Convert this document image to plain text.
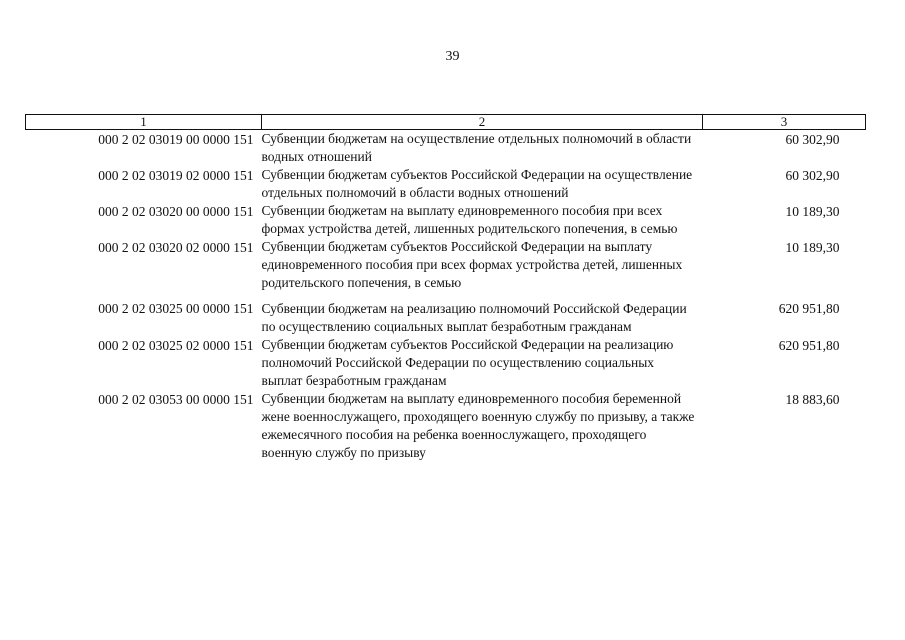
39
1	2	3
000 2 02 03019 00 0000 151	Субвенции бюджетам на осуществление отдельных полномочий в области водных отношений	60 302,90
000 2 02 03019 02 0000 151	Субвенции бюджетам субъектов Российской Федерации на осуществление отдельных полномочий в области водных отношений	60 302,90
000 2 02 03020 00 0000 151	Субвенции бюджетам на выплату единовременного пособия при всех формах устройства детей, лишенных родительского попечения, в семью	10 189,30
000 2 02 03020 02 0000 151	Субвенции бюджетам субъектов Российской Федерации на выплату единовременного пособия при всех формах устройства детей, лишенных родительского попечения, в семью	10 189,30
000 2 02 03025 00 0000 151	Субвенции бюджетам на реализацию полномочий Российской Федерации по осуществлению социальных выплат безработным гражданам	620 951,80
000 2 02 03025 02 0000 151	Субвенции бюджетам субъектов Российской Федерации на реализацию полномочий Российской Федерации по осуществлению социальных выплат безработным гражданам	620 951,80
000 2 02 03053 00 0000 151	Субвенции бюджетам на выплату единовременного пособия беременной жене военнослужащего, проходящего военную службу по призыву, а также ежемесячного пособия на ребенка военнослужащего, проходящего военную службу по призыву	18 883,60
